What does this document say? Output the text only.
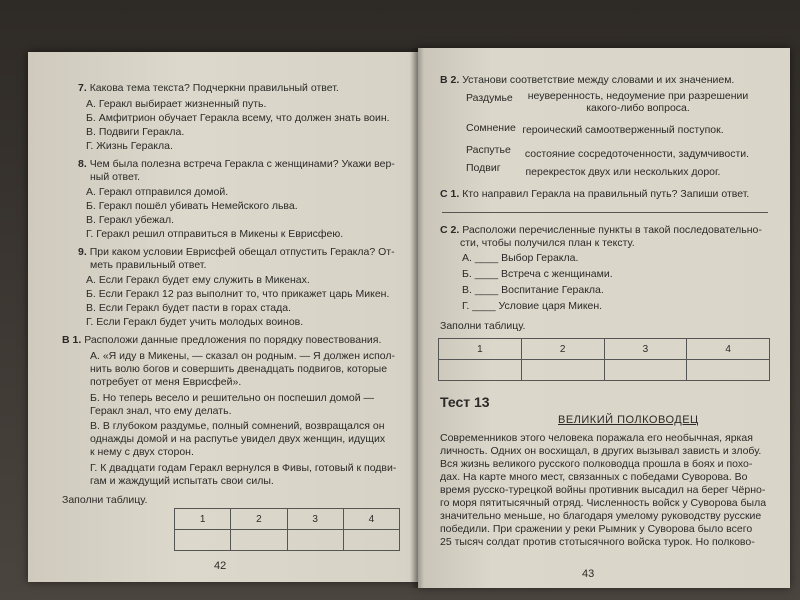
7. Какова тема текста? Подчеркни правильный ответ.
А. Геракл выбирает жизненный путь.
Б. Амфитрион обучает Геракла всему, что должен знать воин.
В. Подвиги Геракла.
Г. Жизнь Геракла.
8. Чем была полезна встреча Геракла с женщинами? Укажи вер-
ный ответ.
А. Геракл отправился домой.
Б. Геракл пошёл убивать Немейского льва.
В. Геракл убежал.
Г. Геракл решил отправиться в Микены к Еврисфею.
9. При каком условии Еврисфей обещал отпустить Геракла? От-
меть правильный ответ.
А. Если Геракл будет ему служить в Микенах.
Б. Если Геракл 12 раз выполнит то, что прикажет царь Микен.
В. Если Геракл будет пасти в горах стада.
Г. Если Геракл будет учить молодых воинов.
В 1. Расположи данные предложения по порядку повествования.
А. «Я иду в Микены, — сказал он родным. — Я должен испол-
нить волю богов и совершить двенадцать подвигов, которые
потребует от меня Еврисфей».
Б. Но теперь весело и решительно он поспешил домой —
Геракл знал, что ему делать.
В. В глубоком раздумье, полный сомнений, возвращался он
однажды домой и на распутье увидел двух женщин, идущих
к нему с двух сторон.
Г. К двадцати годам Геракл вернулся в Фивы, готовый к подви-
гам и жаждущий испытать свои силы.
Заполни таблицу.
1	2	3	4

42
В 2. Установи соответствие между словами и их значением.
Раздумье	неуверенность, недоумение при разрешении какого-либо вопроса.
Сомнение героический самоотверженный поступок.
Распутье состояние сосредоточенности, задумчивости.
Подвиг	перекресток двух или нескольких дорог.
С 1. Кто направил Геракла на правильный путь? Запиши ответ.
С 2. Расположи перечисленные пункты в такой последовательно-
сти, чтобы получился план к тексту.
А. ____ Выбор Геракла.
Б. ____ Встреча с женщинами.
В. ____ Воспитание Геракла.
Г. ____ Условие царя Микен.
Заполни таблицу.
1	2	3	4

Тест 13
ВЕЛИКИЙ ПОЛКОВОДЕЦ
Современников этого человека поражала его необычная, яркая
личность. Одних он восхищал, в других вызывал зависть и злобу.
Вся жизнь великого русского полководца прошла в боях и похо-
дах. На карте много мест, связанных с победами Суворова. Во
время русско-турецкой войны противник высадил на берег Чёрно-
го моря пятитысячный отряд. Численность войск у Суворова была
значительно меньше, но благодаря умелому руководству русские
победили. При сражении у реки Рымник у Суворова было всего
25 тысяч солдат против стотысячного войска турок. Но полково-
43
